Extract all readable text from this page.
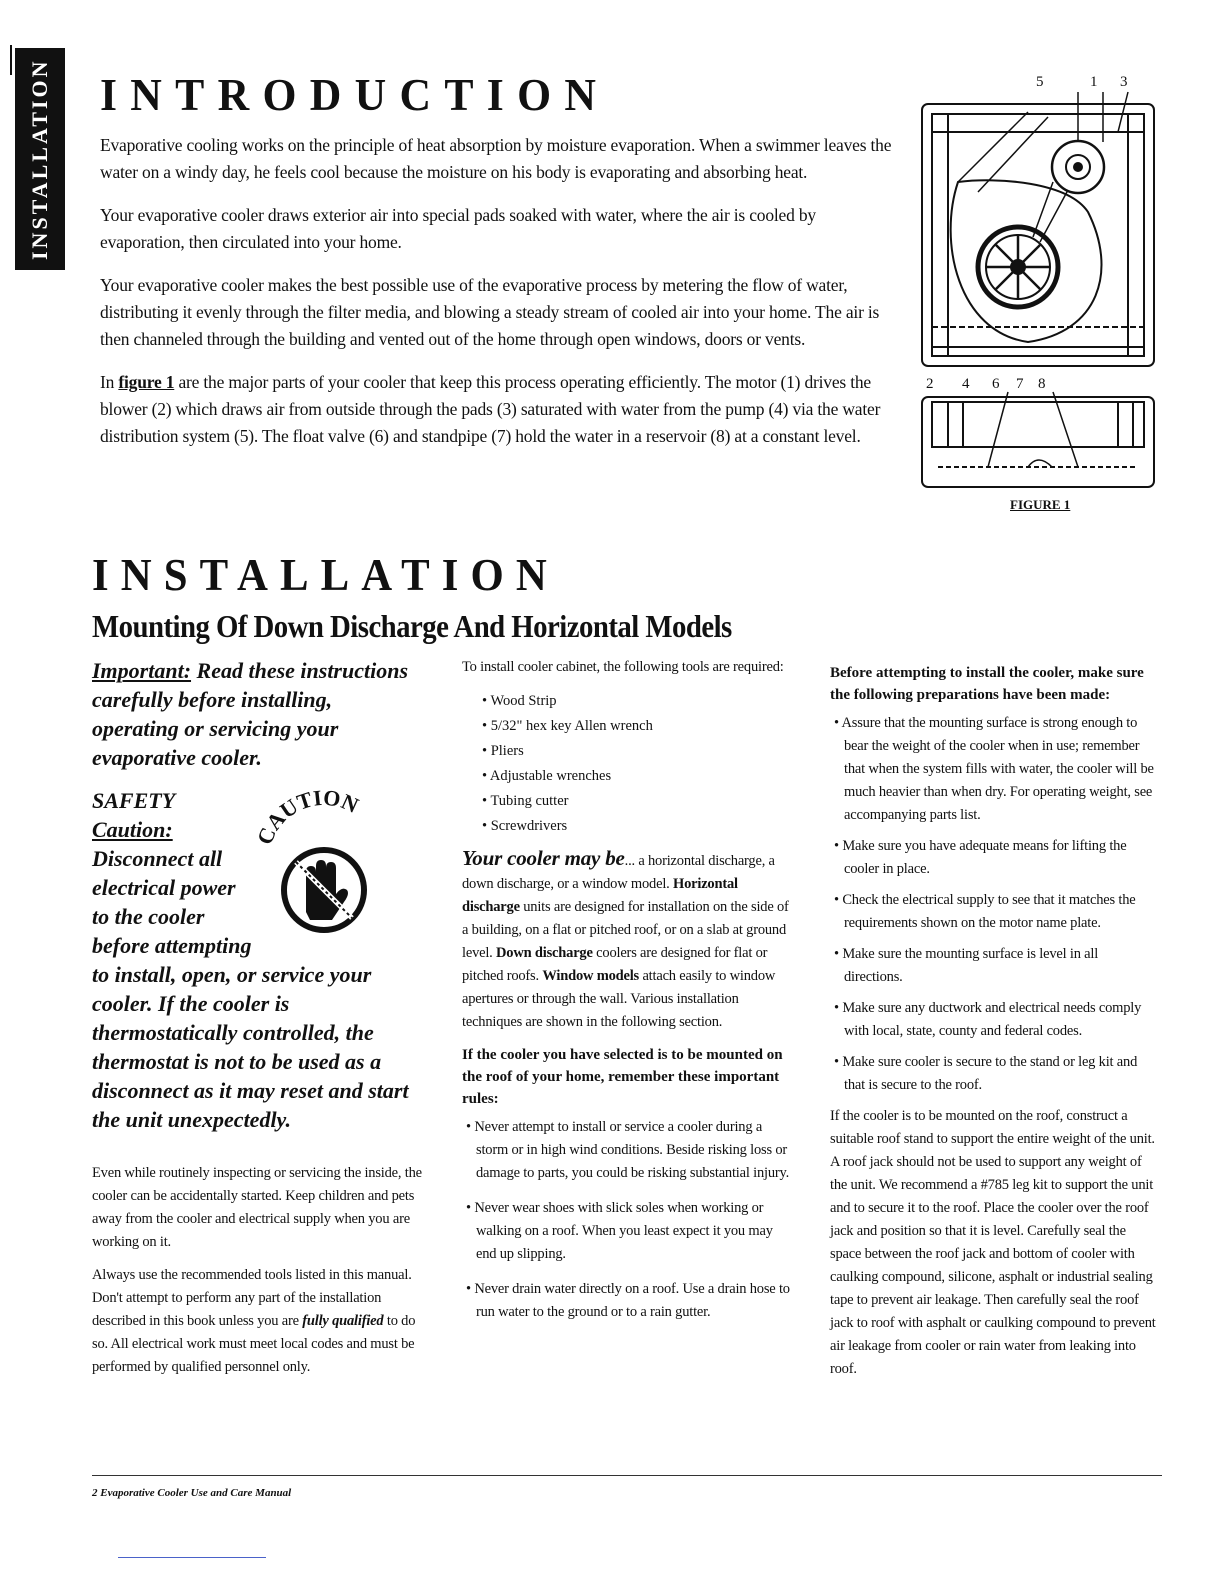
INSTALLATION INTRODUCTION

Evaporative cooling works on the principle of heat absorption by moisture evaporation. When a swimmer leaves the water on a windy day, he feels cool because the moisture on his body is evaporating and absorbing heat.

Your evaporative cooler draws exterior air into special pads soaked with water, where the air is cooled by evaporation, then circulated into your home.

Your evaporative cooler makes the best possible use of the evaporative process by metering the flow of water, distributing it evenly through the filter media, and blowing a steady stream of cooled air into your home. The air is then channeled through the building and vented out of the home through open windows, doors or vents.

In figure 1 are the major parts of your cooler that keep this process operating efficiently. The motor (1) drives the blower (2) which draws air from outside through the pads (3) saturated with water from the pump (4) via the water distribution system (5). The float valve (6) and standpipe (7) hold the water in a reservoir (8) at a constant level.

5	1 3
2 4 6 7 8
FIGURE 1
INSTALLATION
Mounting Of Down Discharge And Horizontal Models

Important: Read these instructions carefully before installing, operating or servicing your evaporative cooler.

SAFETY
Caution:
Disconnect all
electrical power
to the cooler
before attempting
to install, open, or service your cooler. If the cooler is thermostatically controlled, the thermostat is not to be used as a disconnect as it may reset and start the unit unexpectedly.
CAUTION

Even while routinely inspecting or servicing the inside, the cooler can be accidentally started. Keep children and pets away from the cooler and electrical supply when you are working on it.

Always use the recommended tools listed in this manual. Don't attempt to perform any part of the installation described in this book unless you are fully qualified to do so. All electrical work must meet local codes and must be performed by qualified personnel only.

To install cooler cabinet, the following tools are required:

• Wood Strip
• 5/32" hex key Allen wrench
• Pliers
• Adjustable wrenches
• Tubing cutter
• Screwdrivers

Your cooler may be... a horizontal discharge, a down discharge, or a window model. Horizontal discharge units are designed for installation on the side of a building, on a flat or pitched roof, or on a slab at ground level. Down discharge coolers are designed for flat or pitched roofs. Window models attach easily to window apertures or through the wall. Various installation techniques are shown in the following section.

If the cooler you have selected is to be mounted on the roof of your home, remember these important rules:

• Never attempt to install or service a cooler during a storm or in high wind conditions. Beside risking loss or damage to parts, you could be risking substantial injury.
• Never wear shoes with slick soles when working or walking on a roof. When you least expect it you may end up slipping.
• Never drain water directly on a roof. Use a drain hose to run water to the ground or to a rain gutter.

Before attempting to install the cooler, make sure the following preparations have been made:

• Assure that the mounting surface is strong enough to bear the weight of the cooler when in use; remember that when the system fills with water, the cooler will be much heavier than when dry. For operating weight, see accompanying parts list.
• Make sure you have adequate means for lifting the cooler in place.
• Check the electrical supply to see that it matches the requirements shown on the motor name plate.
• Make sure the mounting surface is level in all directions.
• Make sure any ductwork and electrical needs comply with local, state, county and federal codes.
• Make sure cooler is secure to the stand or leg kit and that is secure to the roof.

If the cooler is to be mounted on the roof, construct a suitable roof stand to support the entire weight of the unit. A roof jack should not be used to support any weight of the unit. We recommend a #785 leg kit to support the unit and to secure it to the roof. Place the cooler over the roof jack and position so that it is level. Carefully seal the space between the roof jack and bottom of cooler with caulking compound, silicone, asphalt or industrial sealing tape to prevent air leakage. Then carefully seal the roof jack to roof with asphalt or caulking compound to prevent air leakage from cooler or rain water from leaking into roof.

2 Evaporative Cooler Use and Care Manual
